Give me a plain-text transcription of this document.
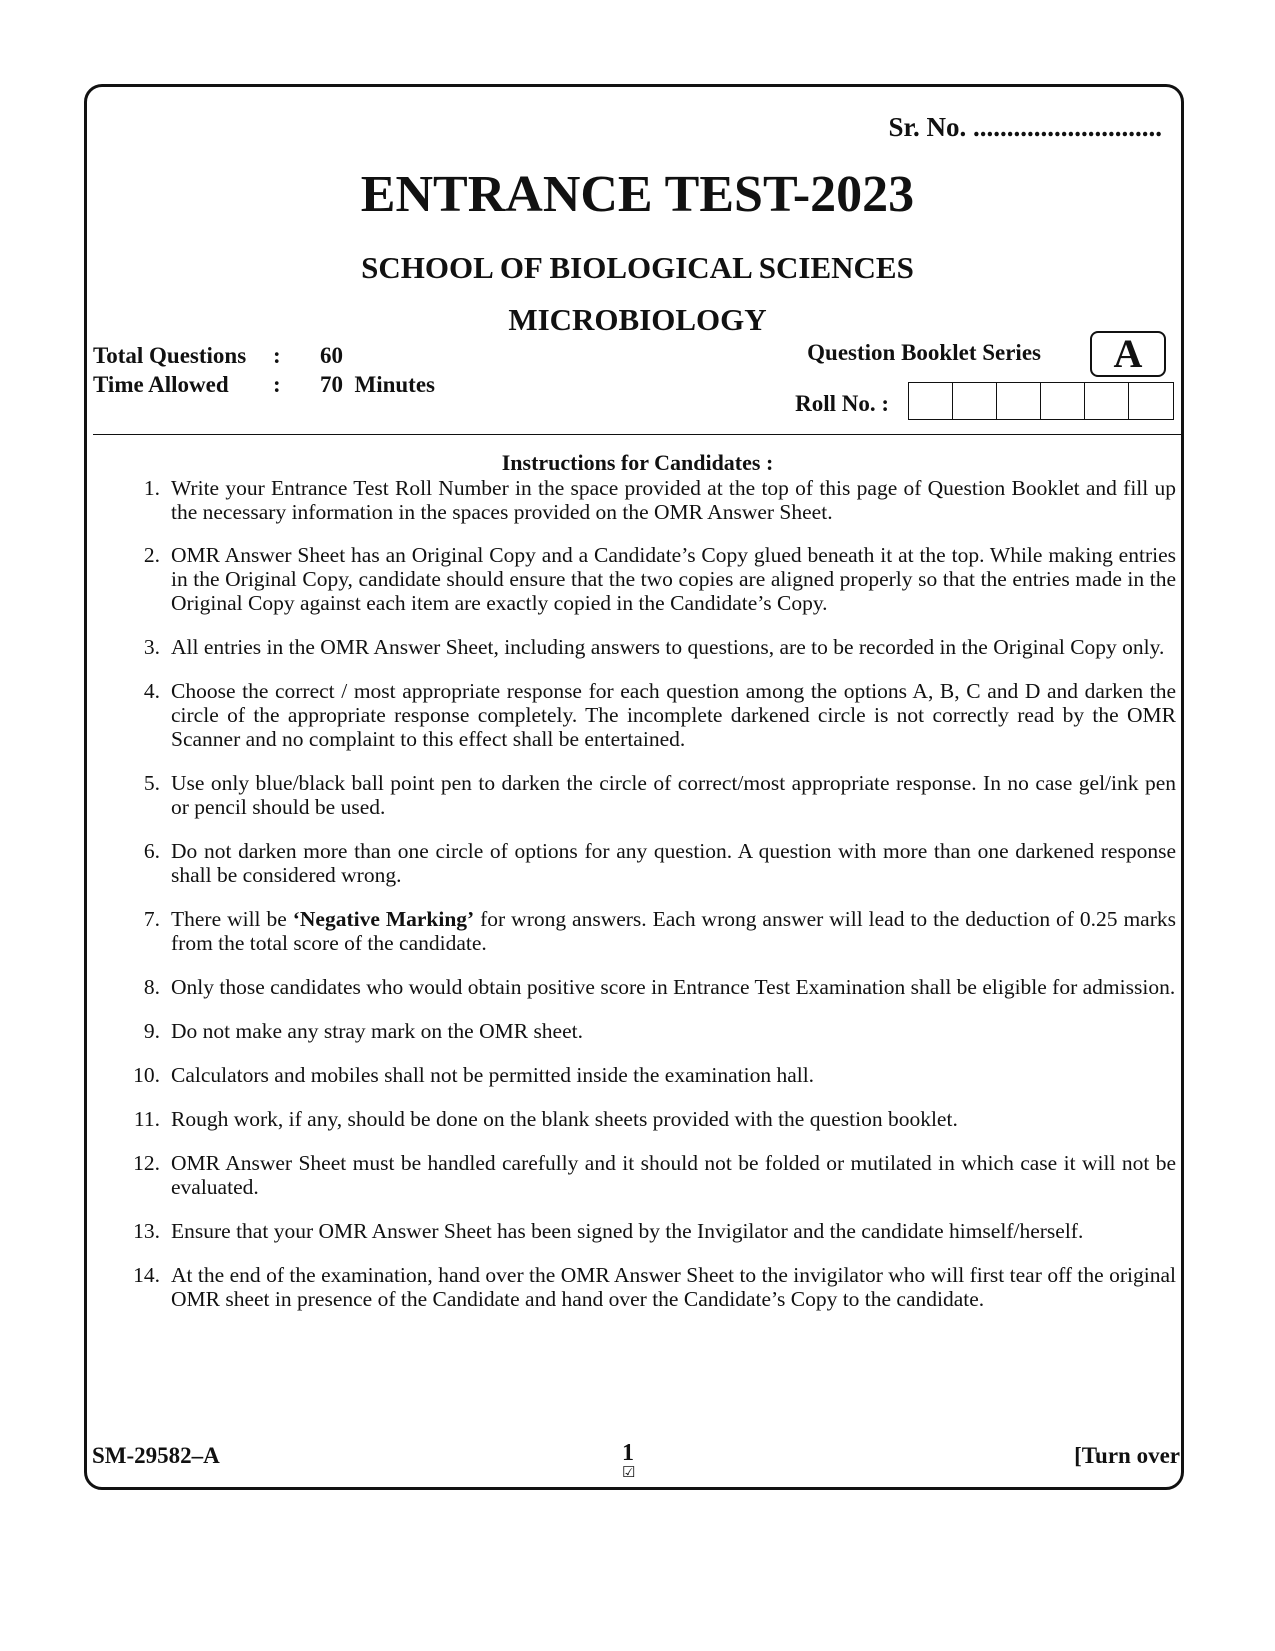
Sr. No. ............................
ENTRANCE TEST-2023
SCHOOL OF BIOLOGICAL SCIENCES
MICROBIOLOGY
Total Questions : 60
Time Allowed : 70  Minutes
Question Booklet Series	A
Roll No. :
Instructions for Candidates :
1. Write your Entrance Test Roll Number in the space provided at the top of this page of Question Booklet and fill up the necessary information in the spaces provided on the OMR Answer Sheet.
2. OMR Answer Sheet has an Original Copy and a Candidate’s Copy glued beneath it at the top. While making entries in the Original Copy, candidate should ensure that the two copies are aligned properly so that the entries made in the Original Copy against each item are exactly copied in the Candidate’s Copy.
3. All entries in the OMR Answer Sheet, including answers to questions, are to be recorded in the Original Copy only.
4. Choose the correct / most appropriate response for each question among the options A, B, C and D and darken the circle of the appropriate response completely. The incomplete darkened circle is not correctly read by the OMR Scanner and no complaint to this effect shall be entertained.
5. Use only blue/black ball point pen to darken the circle of correct/most appropriate response. In no case gel/ink pen or pencil should be used.
6. Do not darken more than one circle of options for any question. A question with more than one darkened response shall be considered wrong.
7. There will be ‘Negative Marking’ for wrong answers. Each wrong answer will lead to the deduction of 0.25 marks from the total score of the candidate.
8. Only those candidates who would obtain positive score in Entrance Test Examination shall be eligible for admission.
9. Do not make any stray mark on the OMR sheet.
10. Calculators and mobiles shall not be permitted inside the examination hall.
11. Rough work, if any, should be done on the blank sheets provided with the question booklet.
12. OMR Answer Sheet must be handled carefully and it should not be folded or mutilated in which case it will not be evaluated.
13. Ensure that your OMR Answer Sheet has been signed by the Invigilator and the candidate himself/herself.
14. At the end of the examination, hand over the OMR Answer Sheet to the invigilator who will first tear off the original OMR sheet in presence of the Candidate and hand over the Candidate’s Copy to the candidate.
SM-29582–A	1
☑
[Turn over
